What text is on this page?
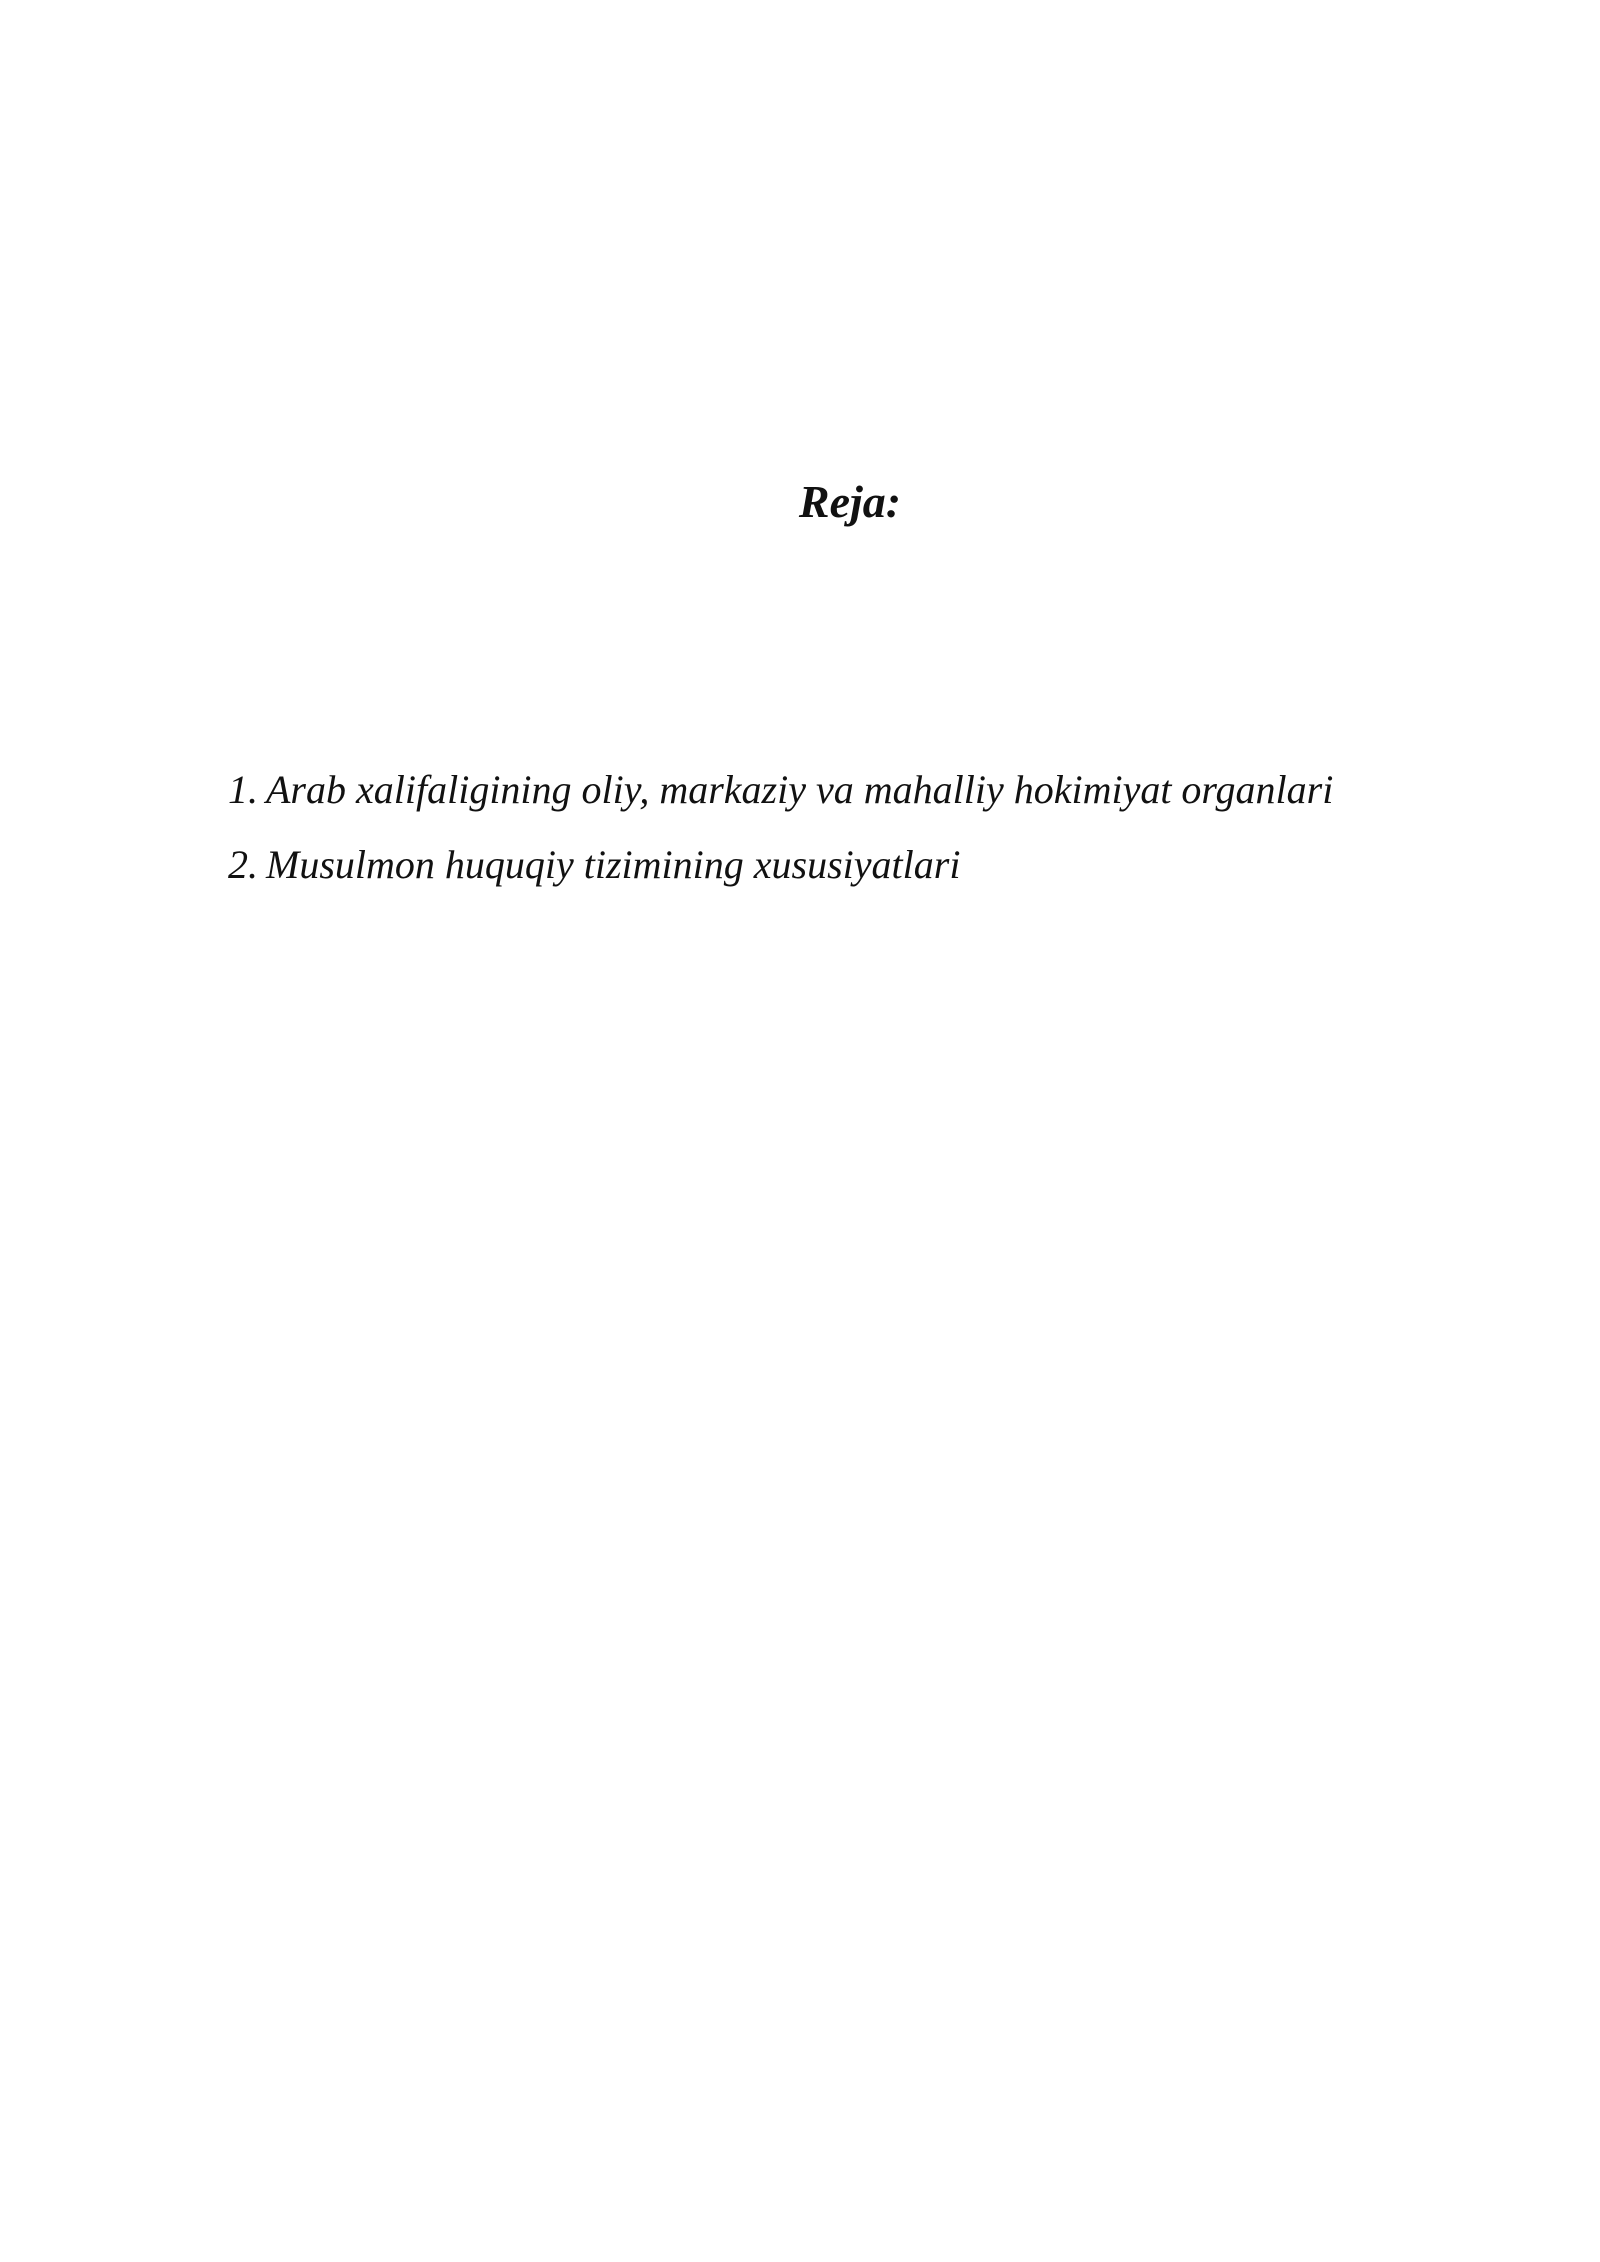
Reja:
1. Arab xalifaligining oliy, markaziy va mahalliy hokimiyat organlari
2. Musulmon huquqiy tizimining xususiyatlari
